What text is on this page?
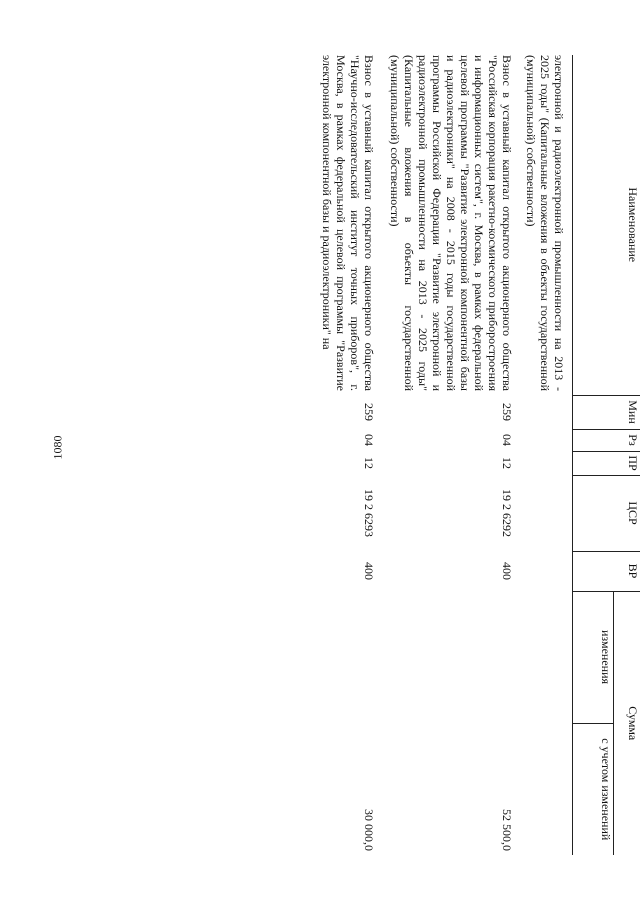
1080
Наименование	Мин	Рз	ПР	ЦСР	ВР	Сумма	
						изменения	с учетом изменений
электронной и радиоэлектронной промышленности на 2013 - 2025 годы" (Капитальные вложения в объекты государственной (муниципальной) собственности)							
Взнос в уставный капитал открытого акционерного общества "Российская корпорация ракетно-космического приборостроения и информационных систем", г. Москва, в рамках федеральной целевой программы "Развитие электронной компонентной базы и радиоэлектроники" на 2008 - 2015 годы государственной программы Российской Федерации "Развитие электронной и радиоэлектронной промышленности на 2013 - 2025 годы" (Капитальные вложения в объекты государственной (муниципальной) собственности)	259	04	12	19 2 6292	400		52 500,0
Взнос в уставный капитал открытого акционерного общества "Научно-исследовательский институт точных приборов", г. Москва, в рамках федеральной целевой программы "Развитие электронной компонентной базы и радиоэлектроники" на	259	04	12	19 2 6293	400		30 000,0
